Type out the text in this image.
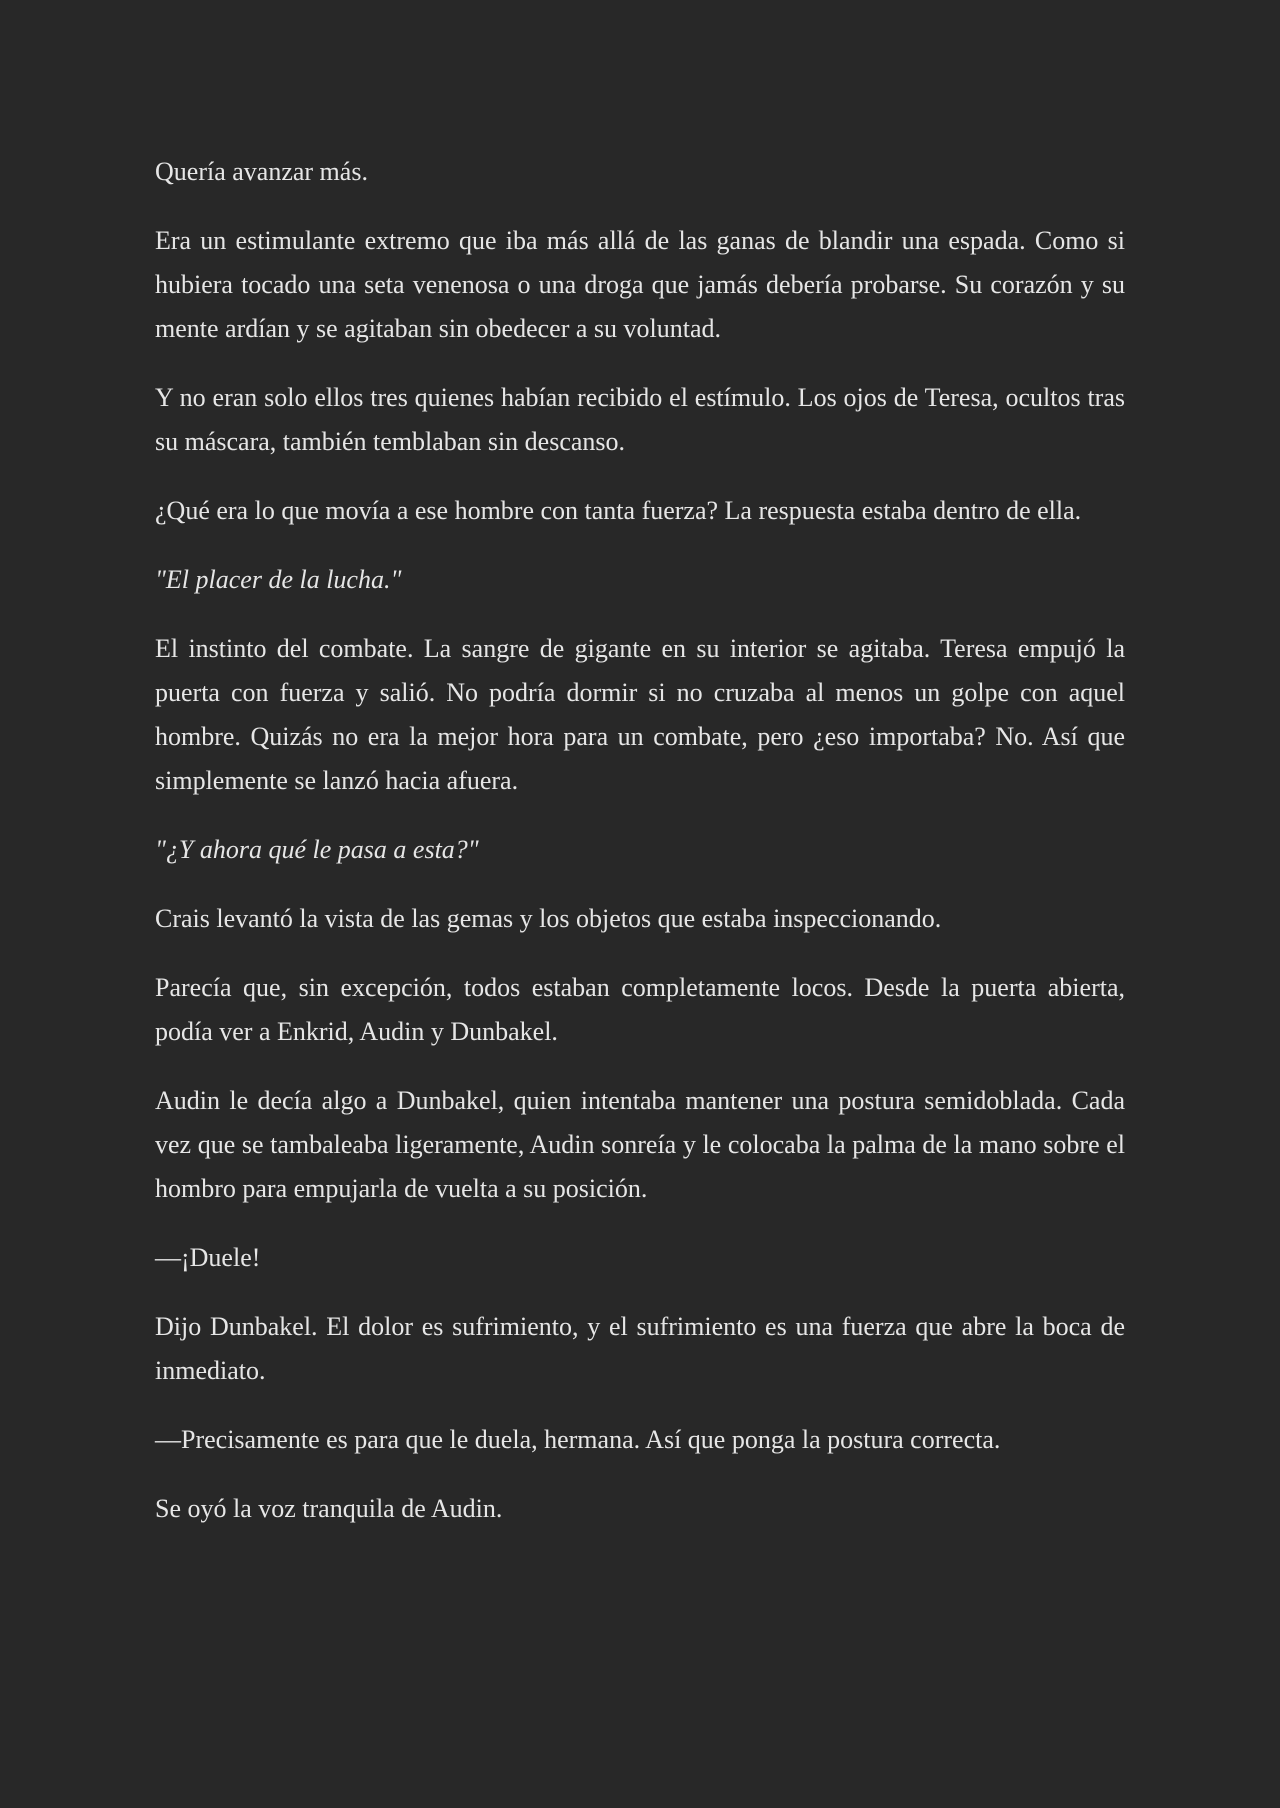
Quería avanzar más.

Era un estimulante extremo que iba más allá de las ganas de blandir una espada. Como si hubiera tocado una seta venenosa o una droga que jamás debería probarse. Su corazón y su mente ardían y se agitaban sin obedecer a su voluntad.

Y no eran solo ellos tres quienes habían recibido el estímulo. Los ojos de Teresa, ocultos tras su máscara, también temblaban sin descanso.

¿Qué era lo que movía a ese hombre con tanta fuerza? La respuesta estaba dentro de ella.

"El placer de la lucha."

El instinto del combate. La sangre de gigante en su interior se agitaba. Teresa empujó la puerta con fuerza y salió. No podría dormir si no cruzaba al menos un golpe con aquel hombre. Quizás no era la mejor hora para un combate, pero ¿eso importaba? No. Así que simplemente se lanzó hacia afuera.

"¿Y ahora qué le pasa a esta?"

Crais levantó la vista de las gemas y los objetos que estaba inspeccionando.

Parecía que, sin excepción, todos estaban completamente locos. Desde la puerta abierta, podía ver a Enkrid, Audin y Dunbakel.

Audin le decía algo a Dunbakel, quien intentaba mantener una postura semidoblada. Cada vez que se tambaleaba ligeramente, Audin sonreía y le colocaba la palma de la mano sobre el hombro para empujarla de vuelta a su posición.

—¡Duele!

Dijo Dunbakel. El dolor es sufrimiento, y el sufrimiento es una fuerza que abre la boca de inmediato.

—Precisamente es para que le duela, hermana. Así que ponga la postura correcta.

Se oyó la voz tranquila de Audin.
